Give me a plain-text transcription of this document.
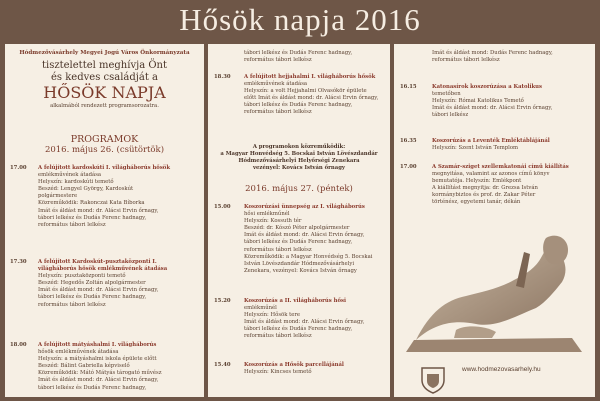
Hősök napja 2016
Hódmezővásárhely Megyei Jogú Város Önkormányzata
tisztelettel meghívja Önt
és kedves családját a
HŐSÖK NAPJA
alkalmából rendezett programsorozatra.
PROGRAMOK
2016. május 26. (csütörtök)
17.00 A felújított kardoskúti I. világháborús hősök
emlékművének átadása
Helyszín: kardoskúti temető
Beszéd: Lengyel György, Kardoskút
polgármestere
Közreműködik: Rakonczai Kata Bíborka
Imát és áldást mond: dr. Alácsi Ervin őrnagy,
tábori lelkész és Dudás Ferenc hadnagy,
református tábori lelkész
17.30 A felújított Kardoskút-pusztaközponti I.
világháborús hősök emlékművének átadása
Helyszín: pusztaközponti temető
Beszéd: Hegedős Zoltán alpolgármester
Imát és áldást mond: dr. Alácsi Ervin őrnagy,
tábori lelkész és Dudás Ferenc hadnagy,
református tábori lelkész
18.00 A felújított mátyáshalmi I. világháborús
hősök emlékművének átadása
Helyszín: a mátyáshalmi iskola épülete előtt
Beszéd: Bálint Gabriella képviselő
Közreműködik: Mátó Mátyás tárogató művész
Imát és áldást mond: dr. Alácsi Ervin őrnagy,
tábori lelkész és Dudás Ferenc hadnagy,
tábori lelkész és Dudás Ferenc hadnagy,
református tábori lelkész
18.30	A felújított hejjahalmi I. világháborús hősök
emlékművének átadása
Helyszín: a volt Hejjahalmi Olvasókör épülete
előtt Imát és áldást mond: dr. Alácsi Ervin őrnagy,
tábori lelkész és Dudás Ferenc hadnagy,
református tábori lelkész
A programokon közreműködik:
a Magyar Honvédség 5. Bocskai István Lövészdandár
Hódmezővásárhelyi Helyőrségi Zenekara
vezényel: Kovács István őrnagy
2016. május 27. (péntek)
15.00	Koszorúzási ünnepség az I. világháborús
hősi emlékműnél
Helyszín: Kossuth tér
Beszéd: dr. Kószó Péter alpolgármester
Imát és áldást mond: dr. Alácsi Ervin őrnagy,
tábori lelkész és Dudás Ferenc hadnagy,
református tábori lelkész
Közreműködik: a Magyar Honvédség 5. Bocskai
István Lövészdandár Hódmezővásárhelyi
Zenekara, vezényel: Kovács István őrnagy
15.20	Koszorúzás a II. világháborús hősi
emlékműnél
Helyszín: Hősök tere
Imát és áldást mond: dr. Alácsi Ervin őrnagy,
tábori lelkész és Dudás Ferenc hadnagy,
református tábori lelkész
15.40	Koszorúzás a Hősök parcellájánál
Helyszín: Kincses temető
Imát és áldást mond: Dudás Ferenc hadnagy,
református tábori lelkész
16.15	Katonasírok koszorúzása a Katolikus
temetőben
Helyszín: Római Katolikus Temető
Imát és áldást mond: dr. Alácsi Ervin őrnagy,
tábori lelkész
16.35	Koszorúzás a Leventék Emléktáblájánál
Helyszín: Szent István Templom
17.00	A Szamár-sziget szellemkatonái című kiállítás
megnyitása, valamint az azonos című könyv
bemutatója. Helyszín: Emlékpont
A kiállítást megnyitja: dr. Grezsa István
kormánybiztos és prof. dr. Zakar Péter
történész, egyetemi tanár, dékán
www.hodmezovasarhely.hu
